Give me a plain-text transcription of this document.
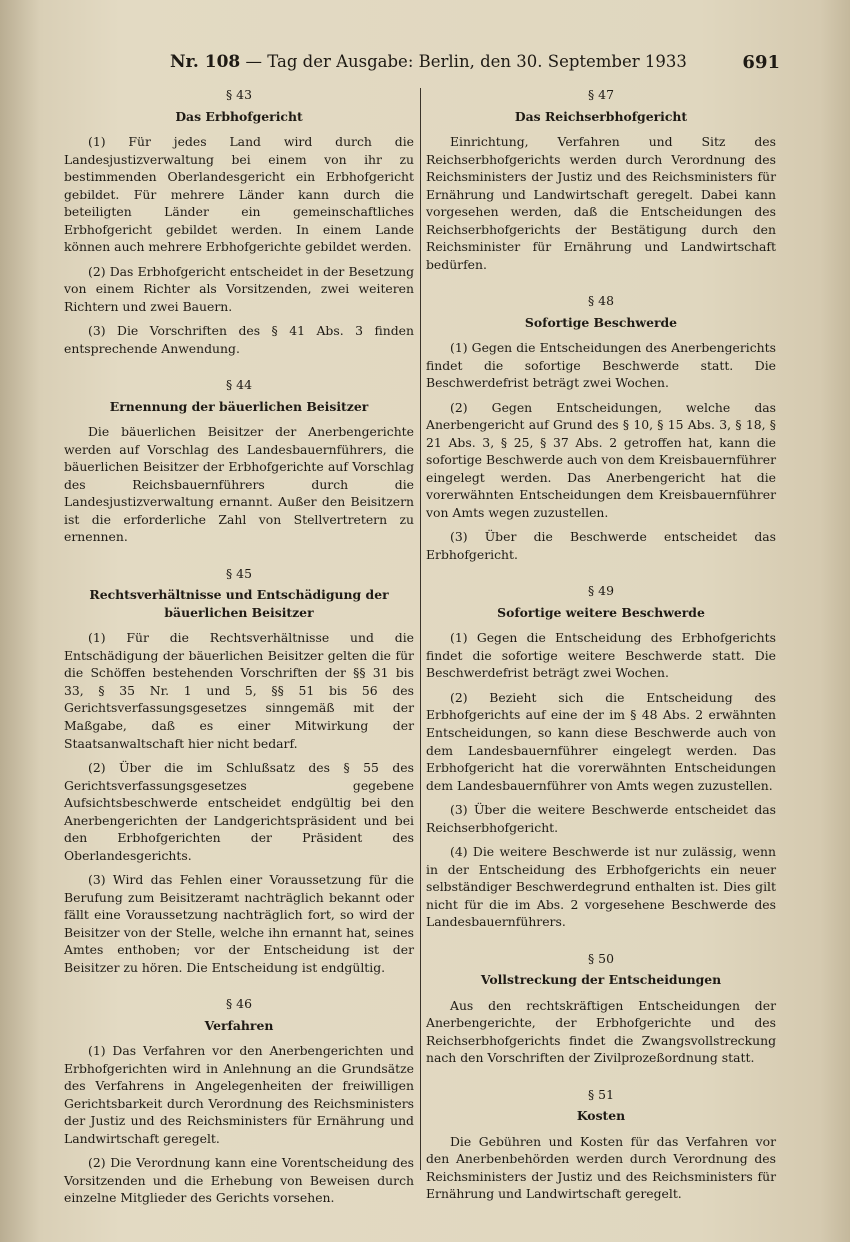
Nr. 108 — Tag der Ausgabe: Berlin, den 30. September 1933	691
§ 43
Das Erbhofgericht

(1) Für jedes Land wird durch die Landesjustizverwaltung bei einem von ihr zu bestimmenden Oberlandesgericht ein Erbhofgericht gebildet. Für mehrere Länder kann durch die beteiligten Länder ein gemeinschaftliches Erbhofgericht gebildet werden. In einem Lande können auch mehrere Erbhofgerichte gebildet werden.

(2) Das Erbhofgericht entscheidet in der Besetzung von einem Richter als Vorsitzenden, zwei weiteren Richtern und zwei Bauern.

(3) Die Vorschriften des § 41 Abs. 3 finden entsprechende Anwendung.

§ 44
Ernennung der bäuerlichen Beisitzer

Die bäuerlichen Beisitzer der Anerbengerichte werden auf Vorschlag des Landesbauernführers, die bäuerlichen Beisitzer der Erbhofgerichte auf Vorschlag des Reichsbauernführers durch die Landesjustizverwaltung ernannt. Außer den Beisitzern ist die erforderliche Zahl von Stellvertretern zu ernennen.

§ 45
Rechtsverhältnisse und Entschädigung der bäuerlichen Beisitzer

(1) Für die Rechtsverhältnisse und die Entschädigung der bäuerlichen Beisitzer gelten die für die Schöffen bestehenden Vorschriften der §§ 31 bis 33, § 35 Nr. 1 und 5, §§ 51 bis 56 des Gerichtsverfassungsgesetzes sinngemäß mit der Maßgabe, daß es einer Mitwirkung der Staatsanwaltschaft hier nicht bedarf.

(2) Über die im Schlußsatz des § 55 des Gerichtsverfassungsgesetzes gegebene Aufsichtsbeschwerde entscheidet endgültig bei den Anerbengerichten der Landgerichtspräsident und bei den Erbhofgerichten der Präsident des Oberlandesgerichts.

(3) Wird das Fehlen einer Voraussetzung für die Berufung zum Beisitzeramt nachträglich bekannt oder fällt eine Voraussetzung nachträglich fort, so wird der Beisitzer von der Stelle, welche ihn ernannt hat, seines Amtes enthoben; vor der Entscheidung ist der Beisitzer zu hören. Die Entscheidung ist endgültig.

§ 46
Verfahren

(1) Das Verfahren vor den Anerbengerichten und Erbhofgerichten wird in Anlehnung an die Grundsätze des Verfahrens in Angelegenheiten der freiwilligen Gerichtsbarkeit durch Verordnung des Reichsministers der Justiz und des Reichsministers für Ernährung und Landwirtschaft geregelt.

(2) Die Verordnung kann eine Vorentscheidung des Vorsitzenden und die Erhebung von Beweisen durch einzelne Mitglieder des Gerichts vorsehen.

§ 47
Das Reichserbhofgericht

Einrichtung, Verfahren und Sitz des Reichserbhofgerichts werden durch Verordnung des Reichsministers der Justiz und des Reichsministers für Ernährung und Landwirtschaft geregelt. Dabei kann vorgesehen werden, daß die Entscheidungen des Reichserbhofgerichts der Bestätigung durch den Reichsminister für Ernährung und Landwirtschaft bedürfen.

§ 48
Sofortige Beschwerde

(1) Gegen die Entscheidungen des Anerbengerichts findet die sofortige Beschwerde statt. Die Beschwerdefrist beträgt zwei Wochen.

(2) Gegen Entscheidungen, welche das Anerbengericht auf Grund des § 10, § 15 Abs. 3, § 18, § 21 Abs. 3, § 25, § 37 Abs. 2 getroffen hat, kann die sofortige Beschwerde auch von dem Kreisbauernführer eingelegt werden. Das Anerbengericht hat die vorerwähnten Entscheidungen dem Kreisbauernführer von Amts wegen zuzustellen.

(3) Über die Beschwerde entscheidet das Erbhofgericht.

§ 49
Sofortige weitere Beschwerde

(1) Gegen die Entscheidung des Erbhofgerichts findet die sofortige weitere Beschwerde statt. Die Beschwerdefrist beträgt zwei Wochen.

(2) Bezieht sich die Entscheidung des Erbhofgerichts auf eine der im § 48 Abs. 2 erwähnten Entscheidungen, so kann diese Beschwerde auch von dem Landesbauernführer eingelegt werden. Das Erbhofgericht hat die vorerwähnten Entscheidungen dem Landesbauernführer von Amts wegen zuzustellen.

(3) Über die weitere Beschwerde entscheidet das Reichserbhofgericht.

(4) Die weitere Beschwerde ist nur zulässig, wenn in der Entscheidung des Erbhofgerichts ein neuer selbständiger Beschwerdegrund enthalten ist. Dies gilt nicht für die im Abs. 2 vorgesehene Beschwerde des Landesbauernführers.

§ 50
Vollstreckung der Entscheidungen

Aus den rechtskräftigen Entscheidungen der Anerbengerichte, der Erbhofgerichte und des Reichserbhofgerichts findet die Zwangsvollstreckung nach den Vorschriften der Zivilprozeßordnung statt.

§ 51
Kosten

Die Gebühren und Kosten für das Verfahren vor den Anerbenbehörden werden durch Verordnung des Reichsministers der Justiz und des Reichsministers für Ernährung und Landwirtschaft geregelt.
